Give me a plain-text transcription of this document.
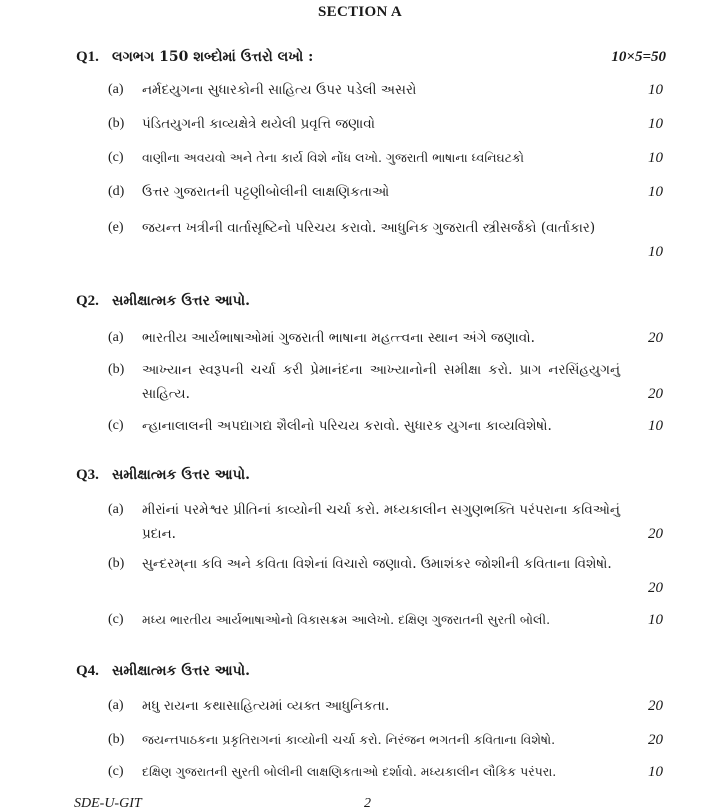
SECTION A
Q1. લગભગ 150 શબ્દોમાં ઉત્તરો લખો :	10×5=50
(a) નર્મદયુગના સુધારકોની સાહિત્ય ઉપર પડેલી અસરો	10
(b) પંડિતયુગની કાવ્યક્ષેત્રે થયેલી પ્રવૃત્તિ જણાવો	10
(c) વાણીના અવયવો અને તેના કાર્ય વિશે નોંધ લખો. ગુજરાતી ભાષાના ધ્વનિઘટકો	10
(d) ઉત્તર ગુજરાતની પટ્ટણીબોલીની લાક્ષણિકતાઓ	10
(e) જયન્ત ખત્રીની વાર્તાસૃષ્ટિનો પરિચય કરાવો. આધુનિક ગુજરાતી સ્ત્રીસર્જકો (વાર્તાકાર)
10
Q2. સમીક્ષાત્મક ઉત્તર આપો.
(a) ભારતીય આર્યભાષાઓમાં ગુજરાતી ભાષાના મહત્ત્વના સ્થાન અંગે જણાવો.	20
(b) આખ્યાન સ્વરૂપની ચર્ચા કરી પ્રેમાનંદના આખ્યાનોની સમીક્ષા કરો. પ્રાગ નરસિંહયુગનું સાહિત્ય.	20
(c) ન્હાનાલાલની અપદ્યાગદ્ય શૈલીનો પરિચય કરાવો. સુધારક યુગના કાવ્યવિશેષો.	10
Q3. સમીક્ષાત્મક ઉત્તર આપો.
(a) મીરાંનાં પરમેશ્વર પ્રીતિનાં કાવ્યોની ચર્ચા કરો. મધ્યકાલીન સગુણભક્તિ પરંપરાના કવિઓનું પ્રદાન.	20
(b) સુન્દરમ્‌ના કવિ અને કવિતા વિશેનાં વિચારો જણાવો. ઉમાશંકર જોશીની કવિતાના વિશેષો.
20
(c) મધ્ય ભારતીય આર્યભાષાઓનો વિકાસક્રમ આલેખો. દક્ષિણ ગુજરાતની સુરતી બોલી.	10
Q4. સમીક્ષાત્મક ઉત્તર આપો.
(a) મધુ રાયના કથાસાહિત્યમાં વ્યક્ત આધુનિકતા.	20
(b) જયન્તપાઠકના પ્રકૃતિરાગનાં કાવ્યોની ચર્ચા કરો. નિરંજન ભગતની કવિતાના વિશેષો.	20
(c) દક્ષિણ ગુજરાતની સુરતી બોલીની લાક્ષણિકતાઓ દર્શાવો. મધ્યકાલીન લૌકિક પરંપરા.	10
SDE-U-GIT	2
